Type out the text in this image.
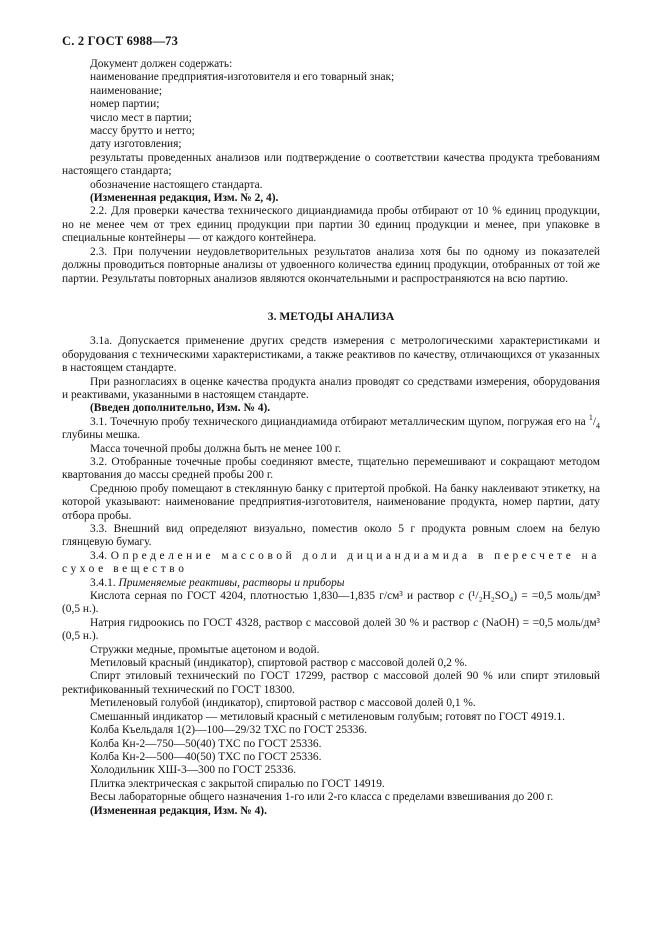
С. 2 ГОСТ 6988—73

Документ должен содержать:

наименование предприятия-изготовителя и его товарный знак;
наименование;
номер партии;
число мест в партии;
массу брутто и нетто;
дату изготовления;

результаты проведенных анализов или подтверждение о соответствии качества продукта требованиям настоящего стандарта;

обозначение настоящего стандарта.

(Измененная редакция, Изм. № 2, 4).

2.2. Для проверки качества технического дициандиамида пробы отбирают от 10 % единиц продукции, но не менее чем от трех единиц продукции при партии 30 единиц продукции и менее, при упаковке в специальные контейнеры — от каждого контейнера.

2.3. При получении неудовлетворительных результатов анализа хотя бы по одному из показателей должны проводиться повторные анализы от удвоенного количества единиц продукции, отобранных от той же партии. Результаты повторных анализов являются окончательными и распространяются на всю партию.

3. МЕТОДЫ АНАЛИЗА

3.1а. Допускается применение других средств измерения с метрологическими характеристиками и оборудования с техническими характеристиками, а также реактивов по качеству, отличающихся от указанных в настоящем стандарте.

При разногласиях в оценке качества продукта анализ проводят со средствами измерения, оборудования и реактивами, указанными в настоящем стандарте.

(Введен дополнительно, Изм. № 4).

3.1. Точечную пробу технического дициандиамида отбирают металлическим щупом, погружая его на $^1/_4$ глубины мешка.

Масса точечной пробы должна быть не менее 100 г.

3.2. Отобранные точечные пробы соединяют вместе, тщательно перемешивают и сокращают методом квартования до массы средней пробы 200 г.

Среднюю пробу помещают в стеклянную банку с притертой пробкой. На банку наклеивают этикетку, на которой указывают: наименование предприятия-изготовителя, наименование продукта, номер партии, дату отбора пробы.

3.3. Внешний вид определяют визуально, поместив около 5 г продукта ровным слоем на белую глянцевую бумагу.

3.4. Определение массовой доли дициандиамида в пересчете на сухое вещество

3.4.1. Применяемые реактивы, растворы и приборы

Кислота серная по ГОСТ 4204, плотностью 1,830—1,835 г/см³ и раствор c (¹/₂H₂SO₄) = =0,5 моль/дм³ (0,5 н.).

Натрия гидроокись по ГОСТ 4328, раствор с массовой долей 30 % и раствор c (NaOH) = =0,5 моль/дм³ (0,5 н.).

Стружки медные, промытые ацетоном и водой.

Метиловый красный (индикатор), спиртовой раствор с массовой долей 0,2 %.

Спирт этиловый технический по ГОСТ 17299, раствор с массовой долей 90 % или спирт этиловый ректификованный технический по ГОСТ 18300.

Метиленовый голубой (индикатор), спиртовой раствор с массовой долей 0,1 %.

Смешанный индикатор — метиловый красный с метиленовым голубым; готовят по ГОСТ 4919.1.

Колба Къельдаля 1(2)—100—29/32 ТХС по ГОСТ 25336.

Колба Кн-2—750—50(40) ТХС по ГОСТ 25336.

Колба Кн-2—500—40(50) ТХС по ГОСТ 25336.

Холодильник ХШ-3—300 по ГОСТ 25336.

Плитка электрическая с закрытой спиралью по ГОСТ 14919.

Весы лабораторные общего назначения 1-го или 2-го класса с пределами взвешивания до 200 г.

(Измененная редакция, Изм. № 4).
